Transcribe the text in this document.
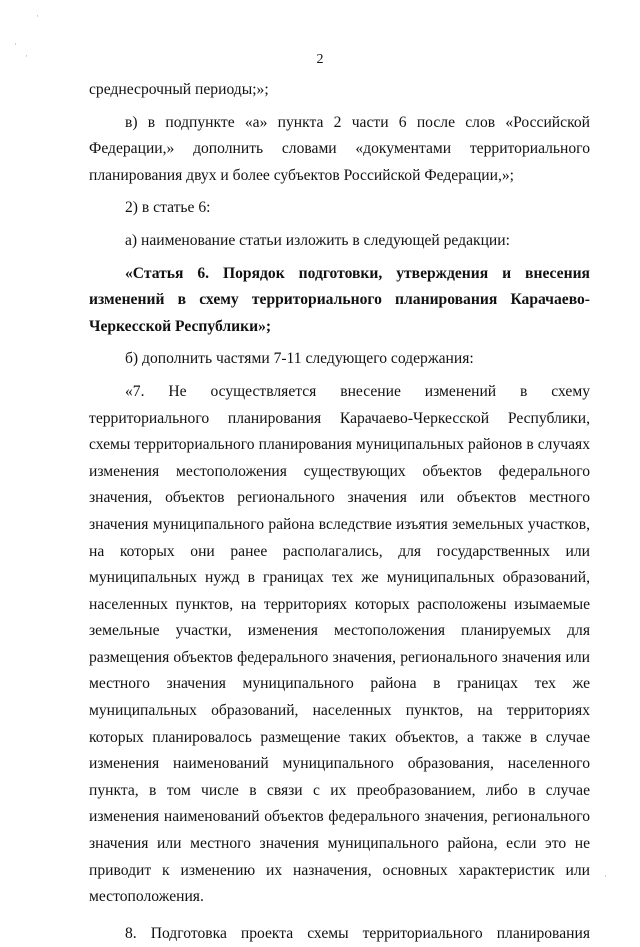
·
·
·
·
2

среднесрочный периоды;»;

в) в подпункте «а» пункта 2 части 6 после слов «Российской Федерации,» дополнить словами «документами территориального планирования двух и более субъектов Российской Федерации,»;

2) в статье 6:

а) наименование статьи изложить в следующей редакции:

«Статья 6. Порядок подготовки, утверждения и внесения изменений в схему территориального планирования Карачаево-Черкесской Республики»;

б) дополнить частями 7-11 следующего содержания:

«7. Не осуществляется внесение изменений в схему территориального планирования Карачаево-Черкесской Республики, схемы территориального планирования муниципальных районов в случаях изменения местоположения существующих объектов федерального значения, объектов регионального значения или объектов местного значения муниципального района вследствие изъятия земельных участков, на которых они ранее располагались, для государственных или муниципальных нужд в границах тех же муниципальных образований, населенных пунктов, на территориях которых расположены изымаемые земельные участки, изменения местоположения планируемых для размещения объектов федерального значения, регионального значения или местного значения муниципального района в границах тех же муниципальных образований, населенных пунктов, на территориях которых планировалось размещение таких объектов, а также в случае изменения наименований муниципального образования, населенного пункта, в том числе в связи с их преобразованием, либо в случае изменения наименований объектов федерального значения, регионального значения или местного значения муниципального района, если это не приводит к изменению их назначения, основных характеристик или местоположения.

8. Подготовка проекта схемы территориального планирования
